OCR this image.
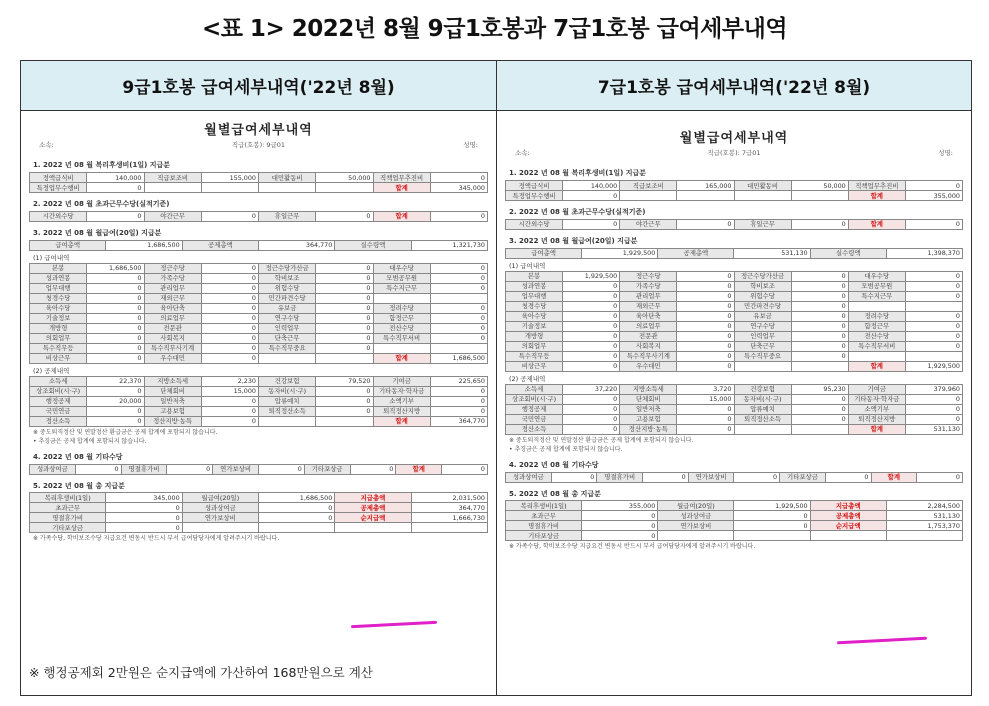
<표 1> 2022년 8월 9급1호봉과 7급1호봉 급여세부내역
9급1호봉 급여세부내역('22년 8월)
월별급여세부내역
소속:	직급(호봉): 9급01	성명:
1. 2022 년 08 월 복리후생비(1일) 지급분
정액급식비	140,000	직급보조비	155,000	대민활동비	50,000	직책업무추진비	0
특정업무수행비	0					합계	345,000
2. 2022 년 08 월 초과근무수당(실적기준)
시간외수당	0	야간근무	0	휴일근무	0	합계	0
3. 2022 년 08 월 월급여(20일) 지급분
급여총액	1,686,500	공제총액	364,770	실수령액	1,321,730
(1) 급여내역
본봉	1,686,500	정근수당	0	정근수당가산금	0	대우수당	0
성과연봉	0	가족수당	0	학비보조	0	모범공무원	0
업무대행	0	관리업무	0	위험수당	0	특수지근무	0
청경수당	0	재외근무	0	민간파견수당	0		
육아수당	0	육아단축	0	유보금	0	정려수당	0
기술정보	0	의료업무	0	연구수당	0	함정근무	0
개방형	0	전문관	0	인력업무	0	전산수당	0
의회업무	0	사회복지	0	단축근무	0	특수직무서비	0
특수직무등	0	특수직무사기계	0	특수직무중요	0		
비상근무	0	우수대민	0			합계	1,686,500
(2) 공제내역
소득세	22,370	지방소득세	2,230	건강보험	79,520	기여금	225,650
상조회비(시·구)	0	단체회비	15,000	동자비(시·구)	0	기타동자·학자금	0
행정공제	20,000	일반저축	0	압류예치	0	소액기부	0
국민연금	0	고용보험	0	퇴직정산소득	0	퇴직정산지방	0
정산소득	0	정산지방·농특	0			합계	364,770
※ 중도퇴직정산 및 연말정산 환급금은 공제 합계에 포함되지 않습니다.
• 추징금은 공제 합계에 포함되지 않습니다.
4. 2022 년 08 월 기타수당
성과상여금	0	명절휴가비	0	연가보상비	0	기타포상금	0	합계	0
5. 2022 년 08 월 총 지급분
복리후생비(1일)	345,000	월급여(20일)	1,686,500	지급총액	2,031,500
초과근무	0	성과상여금	0	공제총액	364,770
명절휴가비	0	연가보상비	0	순지급액	1,666,730
기타포상금	0				
※ 가족수당, 학비보조수당 지급요건 변동시 반드시 부서 급여담당자에게 알려주시기 바랍니다.
※ 행정공제회 2만원은 순지급액에 가산하여 168만원으로 계산
7급1호봉 급여세부내역('22년 8월)
월별급여세부내역
소속:	직급(호봉): 7급01	성명:
1. 2022 년 08 월 복리후생비(1일) 지급분
정액급식비	140,000	직급보조비	165,000	대민활동비	50,000	직책업무추진비	0
특정업무수행비	0					합계	355,000
2. 2022 년 08 월 초과근무수당(실적기준)
시간외수당	0	야간근무	0	휴일근무	0	합계	0
3. 2022 년 08 월 월급여(20일) 지급분
급여총액	1,929,500	공제총액	531,130	실수령액	1,398,370
(1) 급여내역
본봉	1,929,500	정근수당	0	정근수당가산금	0	대우수당	0
성과연봉	0	가족수당	0	학비보조	0	모범공무원	0
업무대행	0	관리업무	0	위험수당	0	특수지근무	0
청경수당	0	재외근무	0	민간파견수당	0		
육아수당	0	육아단축	0	유보금	0	정려수당	0
기술정보	0	의료업무	0	연구수당	0	함정근무	0
개방형	0	전문관	0	인력업무	0	전산수당	0
의회업무	0	사회복지	0	단축근무	0	특수직무서비	0
특수직무등	0	특수직무사기계	0	특수직무중요	0		
비상근무	0	우수대민	0			합계	1,929,500
(2) 공제내역
소득세	37,220	지방소득세	3,720	건강보험	95,230	기여금	379,960
상조회비(시·구)	0	단체회비	15,000	동자비(시·구)	0	기타동자·학자금	0
행정공제	0	일반저축	0	압류예치	0	소액기부	0
국민연금	0	고용보험	0	퇴직정산소득	0	퇴직정산지방	0
정산소득	0	정산지방·농특	0			합계	531,130
※ 중도퇴직정산 및 연말정산 환급금은 공제 합계에 포함되지 않습니다.
• 추징금은 공제 합계에 포함되지 않습니다.
4. 2022 년 08 월 기타수당
성과상여금	0	명절휴가비	0	연가보상비	0	기타포상금	0	합계	0
5. 2022 년 08 월 총 지급분
복리후생비(1일)	355,000	월급여(20일)	1,929,500	지급총액	2,284,500
초과근무	0	성과상여금	0	공제총액	531,130
명절휴가비	0	연가보상비	0	순지급액	1,753,370
기타포상금	0				
※ 가족수당, 학비보조수당 지급요건 변동시 반드시 부서 급여담당자에게 알려주시기 바랍니다.
